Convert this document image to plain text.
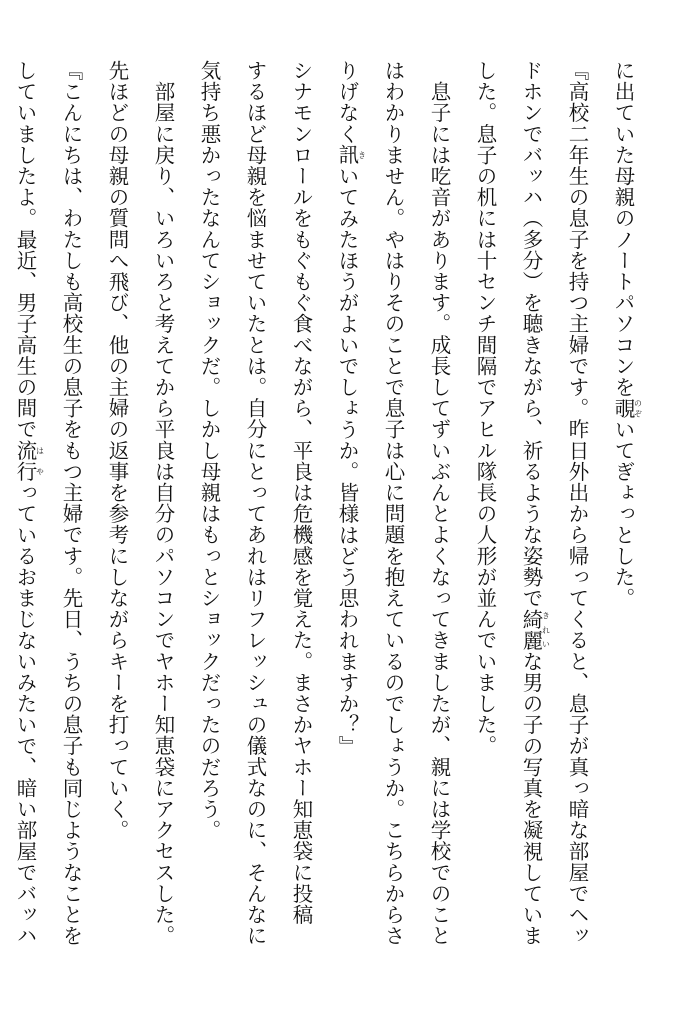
に出ていた母親のノートパソコンを覗のぞいてぎょっとした。
『高校二年生の息子を持つ主婦です。昨日外出から帰ってくると、息子が真っ暗な部屋でヘッ
ドホンでバッハ（多分）を聴きながら、祈るような姿勢で綺麗きれいな男の子の写真を凝視していま
した。息子の机には十センチ間隔でアヒル隊長の人形が並んでいました。
　息子には吃音があります。成長してずいぶんとよくなってきましたが、親には学校でのこと
はわかりません。やはりそのことで息子は心に問題を抱えているのでしょうか。こちらからさ
りげなく訊きいてみたほうがよいでしょうか。皆様はどう思われますか？』
シナモンロールをもぐもぐ食べながら、平良は危機感を覚えた。まさかヤホー知恵袋に投稿
するほど母親を悩ませていたとは。自分にとってあれはリフレッシュの儀式なのに、そんなに
気持ち悪かったなんてショックだ。しかし母親はもっとショックだったのだろう。
　部屋に戻り、いろいろと考えてから平良は自分のパソコンでヤホー知恵袋にアクセスした。
先ほどの母親の質問へ飛び、他の主婦の返事を参考にしながらキーを打っていく。
『こんにちは、わたしも高校生の息子をもつ主婦です。先日、うちの息子も同じようなことを
していましたよ。最近、男子高生の間で流行はやっているおまじないみたいで、暗い部屋でバッハ
